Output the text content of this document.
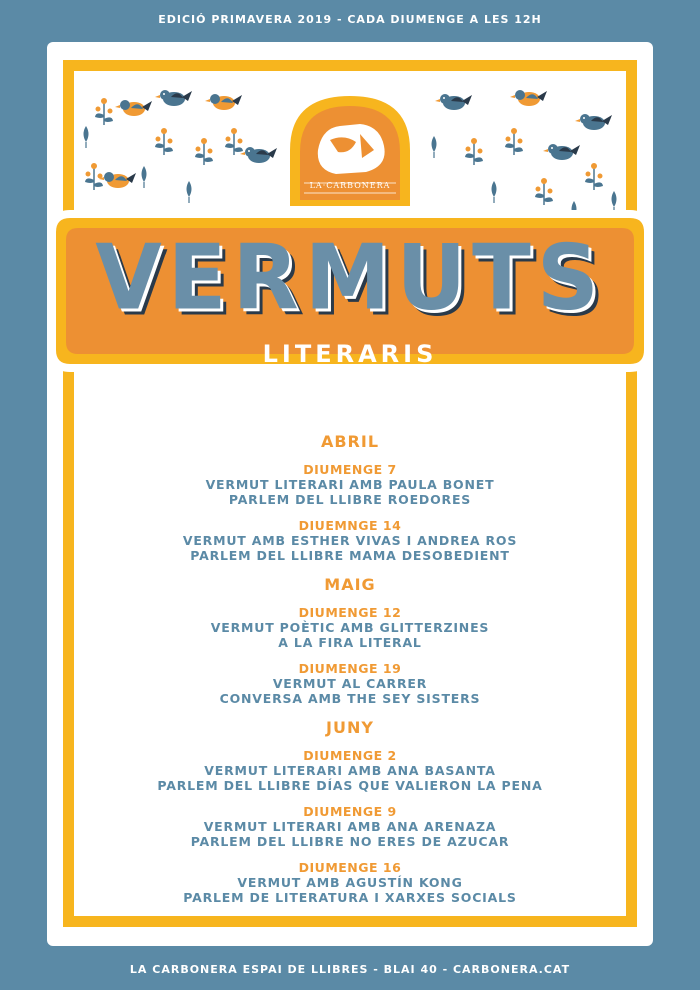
EDICIÓ PRIMAVERA 2019 - CADA DIUMENGE A LES 12H
LA·CARBONERA
VERMUTS
LITERARIS
ABRIL
DIUMENGE 7
VERMUT LITERARI AMB PAULA BONET
PARLEM DEL LLIBRE ROEDORES
DIUEMNGE 14
VERMUT AMB ESTHER VIVAS I ANDREA ROS
PARLEM DEL LLIBRE MAMA DESOBEDIENT
MAIG
DIUMENGE 12
VERMUT POÈTIC AMB GLITTERZINES
A LA FIRA LITERAL
DIUMENGE 19
VERMUT AL CARRER
CONVERSA AMB THE SEY SISTERS
JUNY
DIUMENGE 2
VERMUT LITERARI AMB ANA BASANTA
PARLEM DEL LLIBRE DÍAS QUE VALIERON LA PENA
DIUMENGE 9
VERMUT LITERARI AMB ANA ARENAZA
PARLEM DEL LLIBRE NO ERES DE AZUCAR
DIUMENGE 16
VERMUT AMB AGUSTÍN KONG
PARLEM DE LITERATURA I XARXES SOCIALS
LA CARBONERA ESPAI DE LLIBRES - BLAI 40 - CARBONERA.CAT
